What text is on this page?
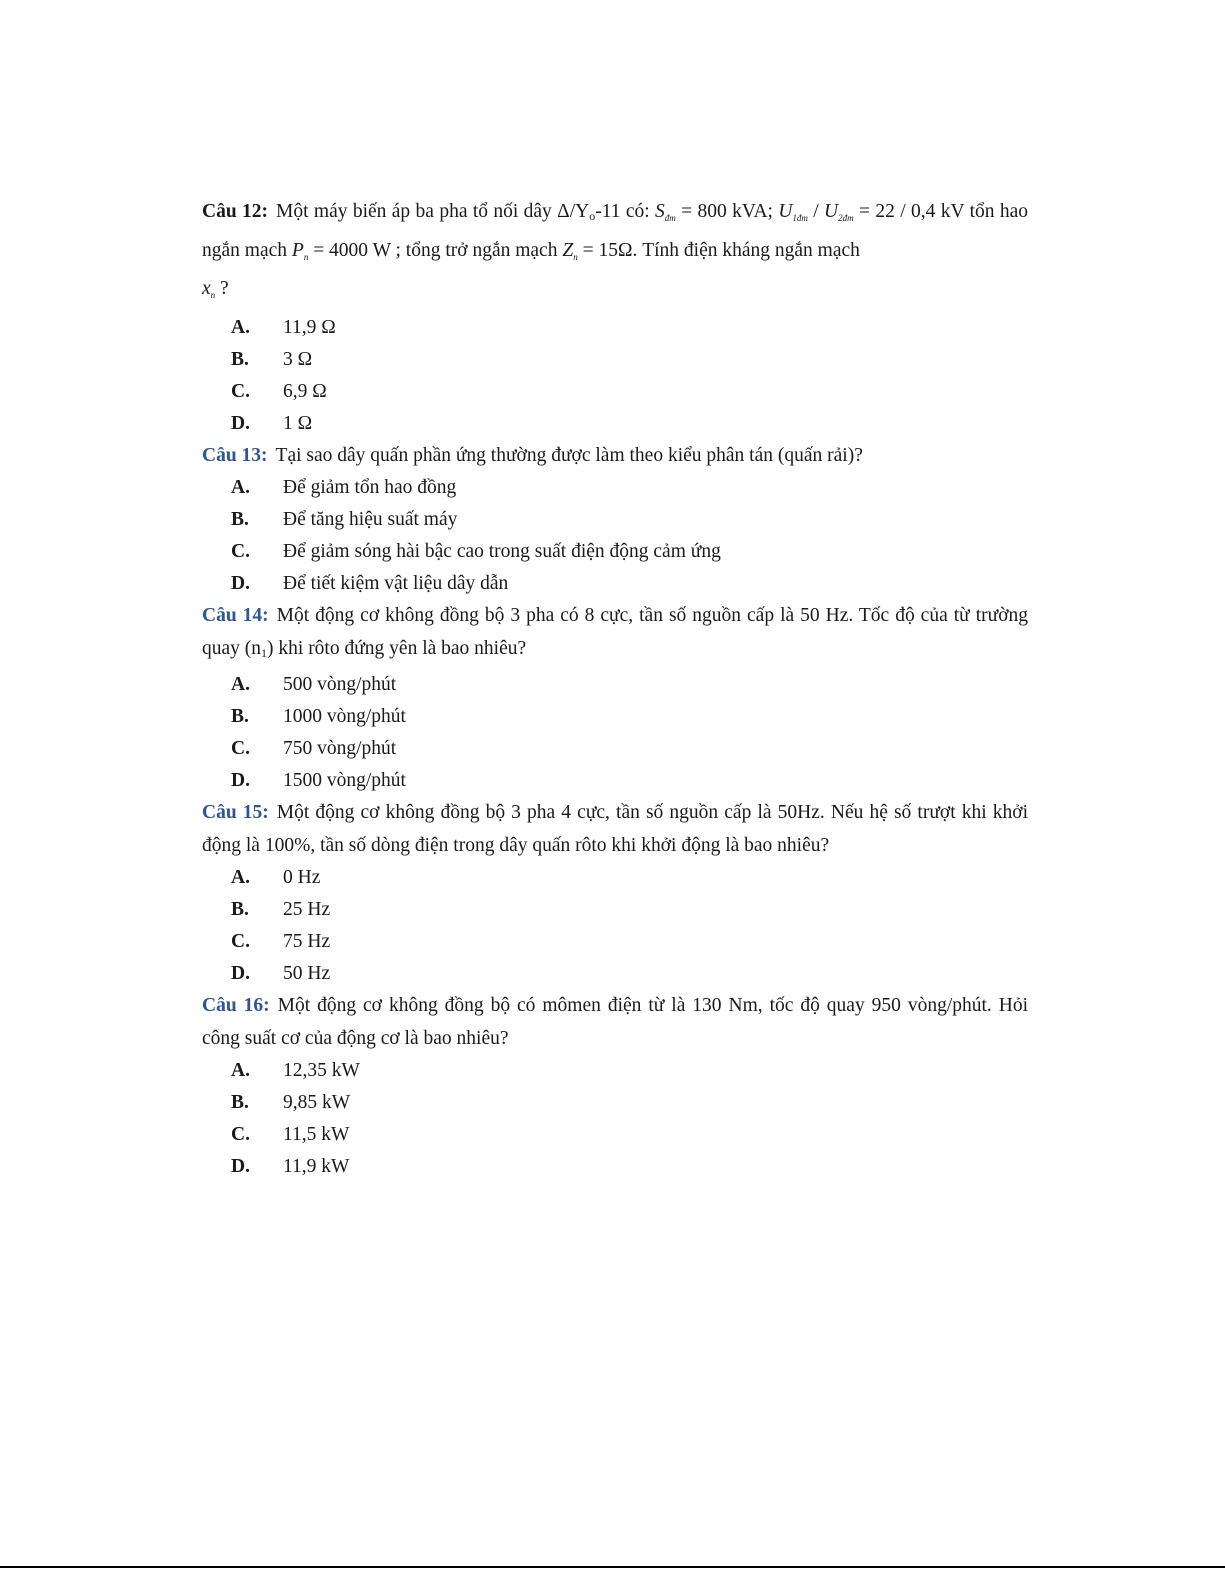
Câu 12: Một máy biến áp ba pha tổ nối dây Δ/Yo-11 có: $S_{đm} = 800$ kVA; $U_{1đm} / U_{2đm} = 22 / 0,4$ kV tổn hao ngắn mạch $P_n = 4000$ W ; tổng trở ngắn mạch $Z_n = 15\Omega$. Tính điện kháng ngắn mạch
$x_n$ ?

A.	11,9 Ω
B.	3 Ω
C.	6,9 Ω
D.	1 Ω

Câu 13: Tại sao dây quấn phần ứng thường được làm theo kiểu phân tán (quấn rải)?

A.	Để giảm tổn hao đồng
B.	Để tăng hiệu suất máy
C.	Để giảm sóng hài bậc cao trong suất điện động cảm ứng
D.	Để tiết kiệm vật liệu dây dẫn

Câu 14: Một động cơ không đồng bộ 3 pha có 8 cực, tần số nguồn cấp là 50 Hz. Tốc độ của từ trường quay (n1) khi rôto đứng yên là bao nhiêu?

A.	500 vòng/phút
B.	1000 vòng/phút
C.	750 vòng/phút
D.	1500 vòng/phút

Câu 15: Một động cơ không đồng bộ 3 pha 4 cực, tần số nguồn cấp là 50Hz. Nếu hệ số trượt khi khởi động là 100%, tần số dòng điện trong dây quấn rôto khi khởi động là bao nhiêu?

A.	0 Hz
B.	25 Hz
C.	75 Hz
D.	50 Hz

Câu 16: Một động cơ không đồng bộ có mômen điện từ là 130 Nm, tốc độ quay 950 vòng/phút. Hỏi công suất cơ của động cơ là bao nhiêu?

A.	12,35 kW
B.	9,85 kW
C.	11,5 kW
D.	11,9 kW
